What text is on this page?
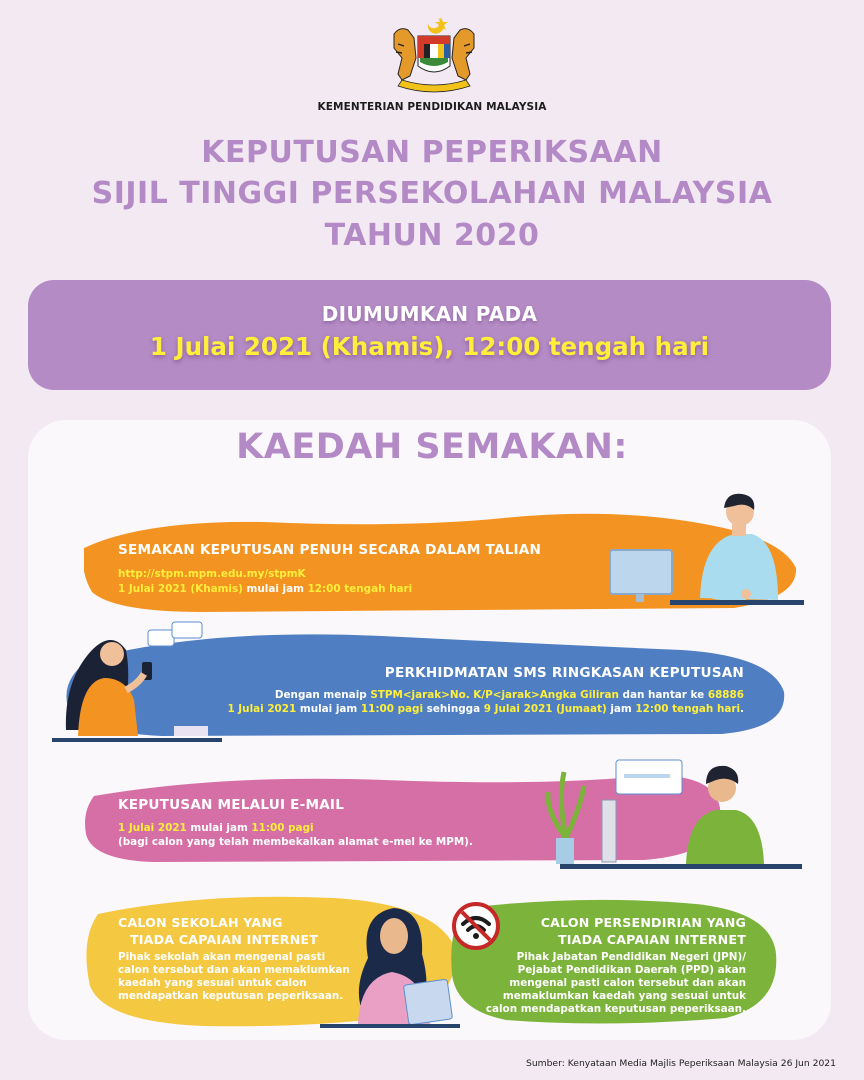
KEMENTERIAN PENDIDIKAN MALAYSIA
KEPUTUSAN PEPERIKSAAN
SIJIL TINGGI PERSEKOLAHAN MALAYSIA
TAHUN 2020
DIUMUMKAN PADA
1 Julai 2021 (Khamis), 12:00 tengah hari
KAEDAH SEMAKAN:
SEMAKAN KEPUTUSAN PENUH SECARA DALAM TALIAN
http://stpm.mpm.edu.my/stpmK
1 Julai 2021 (Khamis) mulai jam 12:00 tengah hari
PERKHIDMATAN SMS RINGKASAN KEPUTUSAN
Dengan menaip STPM<jarak>No. K/P<jarak>Angka Giliran dan hantar ke 68886
1 Julai 2021 mulai jam 11:00 pagi sehingga 9 Julai 2021 (Jumaat) jam 12:00 tengah hari.
KEPUTUSAN MELALUI E-MAIL
1 Julai 2021 mulai jam 11:00 pagi
(bagi calon yang telah membekalkan alamat e-mel ke MPM).
CALON SEKOLAH YANG
TIADA CAPAIAN INTERNET
Pihak sekolah akan mengenal pasti
calon tersebut dan akan memaklumkan
kaedah yang sesuai untuk calon
mendapatkan keputusan peperiksaan.
CALON PERSENDIRIAN YANG
TIADA CAPAIAN INTERNET
Pihak Jabatan Pendidikan Negeri (JPN)/
Pejabat Pendidikan Daerah (PPD) akan
mengenal pasti calon tersebut dan akan
memaklumkan kaedah yang sesuai untuk
calon mendapatkan keputusan peperiksaan.
Sumber: Kenyataan Media Majlis Peperiksaan Malaysia 26 Jun 2021
